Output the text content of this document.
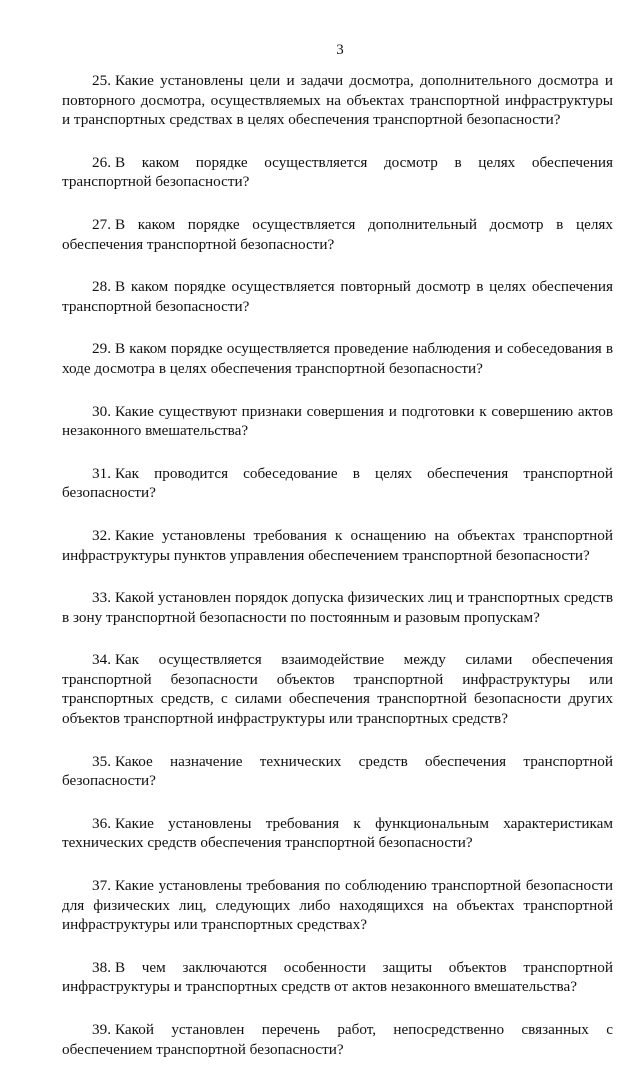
3

25. Какие установлены цели и задачи досмотра, дополнительного досмотра и повторного досмотра, осуществляемых на объектах транспортной инфраструктуры и транспортных средствах в целях обеспечения транспортной безопасности?

26. В каком порядке осуществляется досмотр в целях обеспечения транспортной безопасности?

27. В каком порядке осуществляется дополнительный досмотр в целях обеспечения транспортной безопасности?

28. В каком порядке осуществляется повторный досмотр в целях обеспечения транспортной безопасности?

29. В каком порядке осуществляется проведение наблюдения и собеседования в ходе досмотра в целях обеспечения транспортной безопасности?

30. Какие существуют признаки совершения и подготовки к совершению актов незаконного вмешательства?

31. Как проводится собеседование в целях обеспечения транспортной безопасности?

32. Какие установлены требования к оснащению на объектах транспортной инфраструктуры пунктов управления обеспечением транспортной безопасности?

33. Какой установлен порядок допуска физических лиц и транспортных средств в зону транспортной безопасности по постоянным и разовым пропускам?

34. Как осуществляется взаимодействие между силами обеспечения транспортной безопасности объектов транспортной инфраструктуры или транспортных средств, с силами обеспечения транспортной безопасности других объектов транспортной инфраструктуры или транспортных средств?

35. Какое назначение технических средств обеспечения транспортной безопасности?

36. Какие установлены требования к функциональным характеристикам технических средств обеспечения транспортной безопасности?

37. Какие установлены требования по соблюдению транспортной безопасности для физических лиц, следующих либо находящихся на объектах транспортной инфраструктуры или транспортных средствах?

38. В чем заключаются особенности защиты объектов транспортной инфраструктуры и транспортных средств от актов незаконного вмешательства?

39. Какой установлен перечень работ, непосредственно связанных с обеспечением транспортной безопасности?
